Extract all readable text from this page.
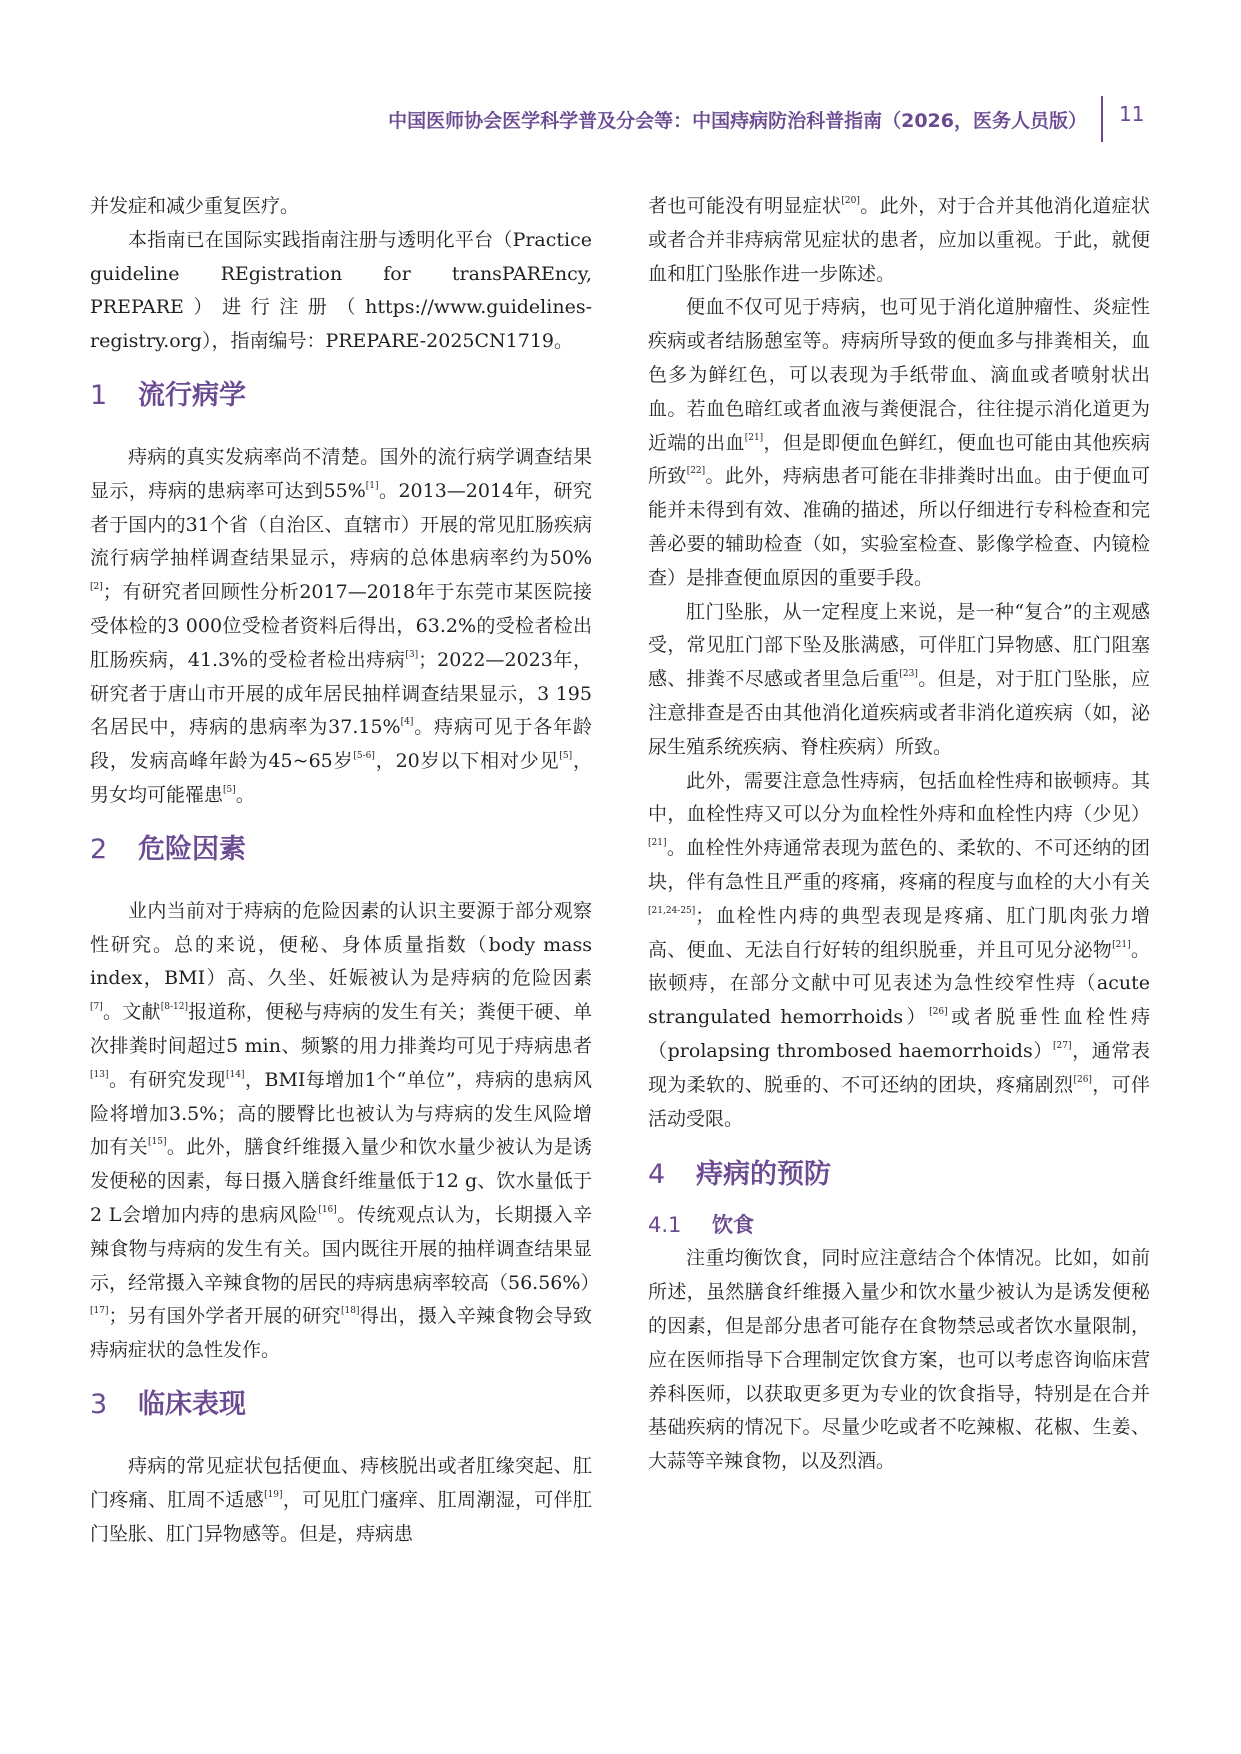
中国医师协会医学科学普及分会等：中国痔病防治科普指南（2026，医务人员版） 11

并发症和减少重复医疗。

本指南已在国际实践指南注册与透明化平台（Practice guideline REgistration for transPAREncy, PREPARE）进行注册（https://www.guidelines-registry.org），指南编号：PREPARE-2025CN1719。

1 流行病学

痔病的真实发病率尚不清楚。国外的流行病学调查结果显示，痔病的患病率可达到55%[1]。2013—2014年，研究者于国内的31个省（自治区、直辖市）开展的常见肛肠疾病流行病学抽样调查结果显示，痔病的总体患病率约为50%[2]；有研究者回顾性分析2017—2018年于东莞市某医院接受体检的3 000位受检者资料后得出，63.2%的受检者检出肛肠疾病，41.3%的受检者检出痔病[3]；2022—2023年，研究者于唐山市开展的成年居民抽样调查结果显示，3 195名居民中，痔病的患病率为37.15%[4]。痔病可见于各年龄段，发病高峰年龄为45~65岁[5-6]，20岁以下相对少见[5]，男女均可能罹患[5]。

2 危险因素

业内当前对于痔病的危险因素的认识主要源于部分观察性研究。总的来说，便秘、身体质量指数（body mass index，BMI）高、久坐、妊娠被认为是痔病的危险因素[7]。文献[8-12]报道称，便秘与痔病的发生有关；粪便干硬、单次排粪时间超过5 min、频繁的用力排粪均可见于痔病患者[13]。有研究发现[14]，BMI每增加1个“单位”，痔病的患病风险将增加3.5%；高的腰臀比也被认为与痔病的发生风险增加有关[15]。此外，膳食纤维摄入量少和饮水量少被认为是诱发便秘的因素，每日摄入膳食纤维量低于12 g、饮水量低于2 L会增加内痔的患病风险[16]。传统观点认为，长期摄入辛辣食物与痔病的发生有关。国内既往开展的抽样调查结果显示，经常摄入辛辣食物的居民的痔病患病率较高（56.56%）[17]；另有国外学者开展的研究[18]得出，摄入辛辣食物会导致痔病症状的急性发作。

3 临床表现

痔病的常见症状包括便血、痔核脱出或者肛缘突起、肛门疼痛、肛周不适感[19]，可见肛门瘙痒、肛周潮湿，可伴肛门坠胀、肛门异物感等。但是，痔病患

者也可能没有明显症状[20]。此外，对于合并其他消化道症状或者合并非痔病常见症状的患者，应加以重视。于此，就便血和肛门坠胀作进一步陈述。

便血不仅可见于痔病，也可见于消化道肿瘤性、炎症性疾病或者结肠憩室等。痔病所导致的便血多与排粪相关，血色多为鲜红色，可以表现为手纸带血、滴血或者喷射状出血。若血色暗红或者血液与粪便混合，往往提示消化道更为近端的出血[21]，但是即便血色鲜红，便血也可能由其他疾病所致[22]。此外，痔病患者可能在非排粪时出血。由于便血可能并未得到有效、准确的描述，所以仔细进行专科检查和完善必要的辅助检查（如，实验室检查、影像学检查、内镜检查）是排查便血原因的重要手段。

肛门坠胀，从一定程度上来说，是一种“复合”的主观感受，常见肛门部下坠及胀满感，可伴肛门异物感、肛门阻塞感、排粪不尽感或者里急后重[23]。但是，对于肛门坠胀，应注意排查是否由其他消化道疾病或者非消化道疾病（如，泌尿生殖系统疾病、脊柱疾病）所致。

此外，需要注意急性痔病，包括血栓性痔和嵌顿痔。其中，血栓性痔又可以分为血栓性外痔和血栓性内痔（少见）[21]。血栓性外痔通常表现为蓝色的、柔软的、不可还纳的团块，伴有急性且严重的疼痛，疼痛的程度与血栓的大小有关[21,24-25]；血栓性内痔的典型表现是疼痛、肛门肌肉张力增高、便血、无法自行好转的组织脱垂，并且可见分泌物[21]。嵌顿痔，在部分文献中可见表述为急性绞窄性痔（acute strangulated hemorrhoids）[26]或者脱垂性血栓性痔（prolapsing thrombosed haemorrhoids）[27]，通常表现为柔软的、脱垂的、不可还纳的团块，疼痛剧烈[26]，可伴活动受限。

4 痔病的预防
4.1 饮食

注重均衡饮食，同时应注意结合个体情况。比如，如前所述，虽然膳食纤维摄入量少和饮水量少被认为是诱发便秘的因素，但是部分患者可能存在食物禁忌或者饮水量限制，应在医师指导下合理制定饮食方案，也可以考虑咨询临床营养科医师，以获取更多更为专业的饮食指导，特别是在合并基础疾病的情况下。尽量少吃或者不吃辣椒、花椒、生姜、大蒜等辛辣食物，以及烈酒。
